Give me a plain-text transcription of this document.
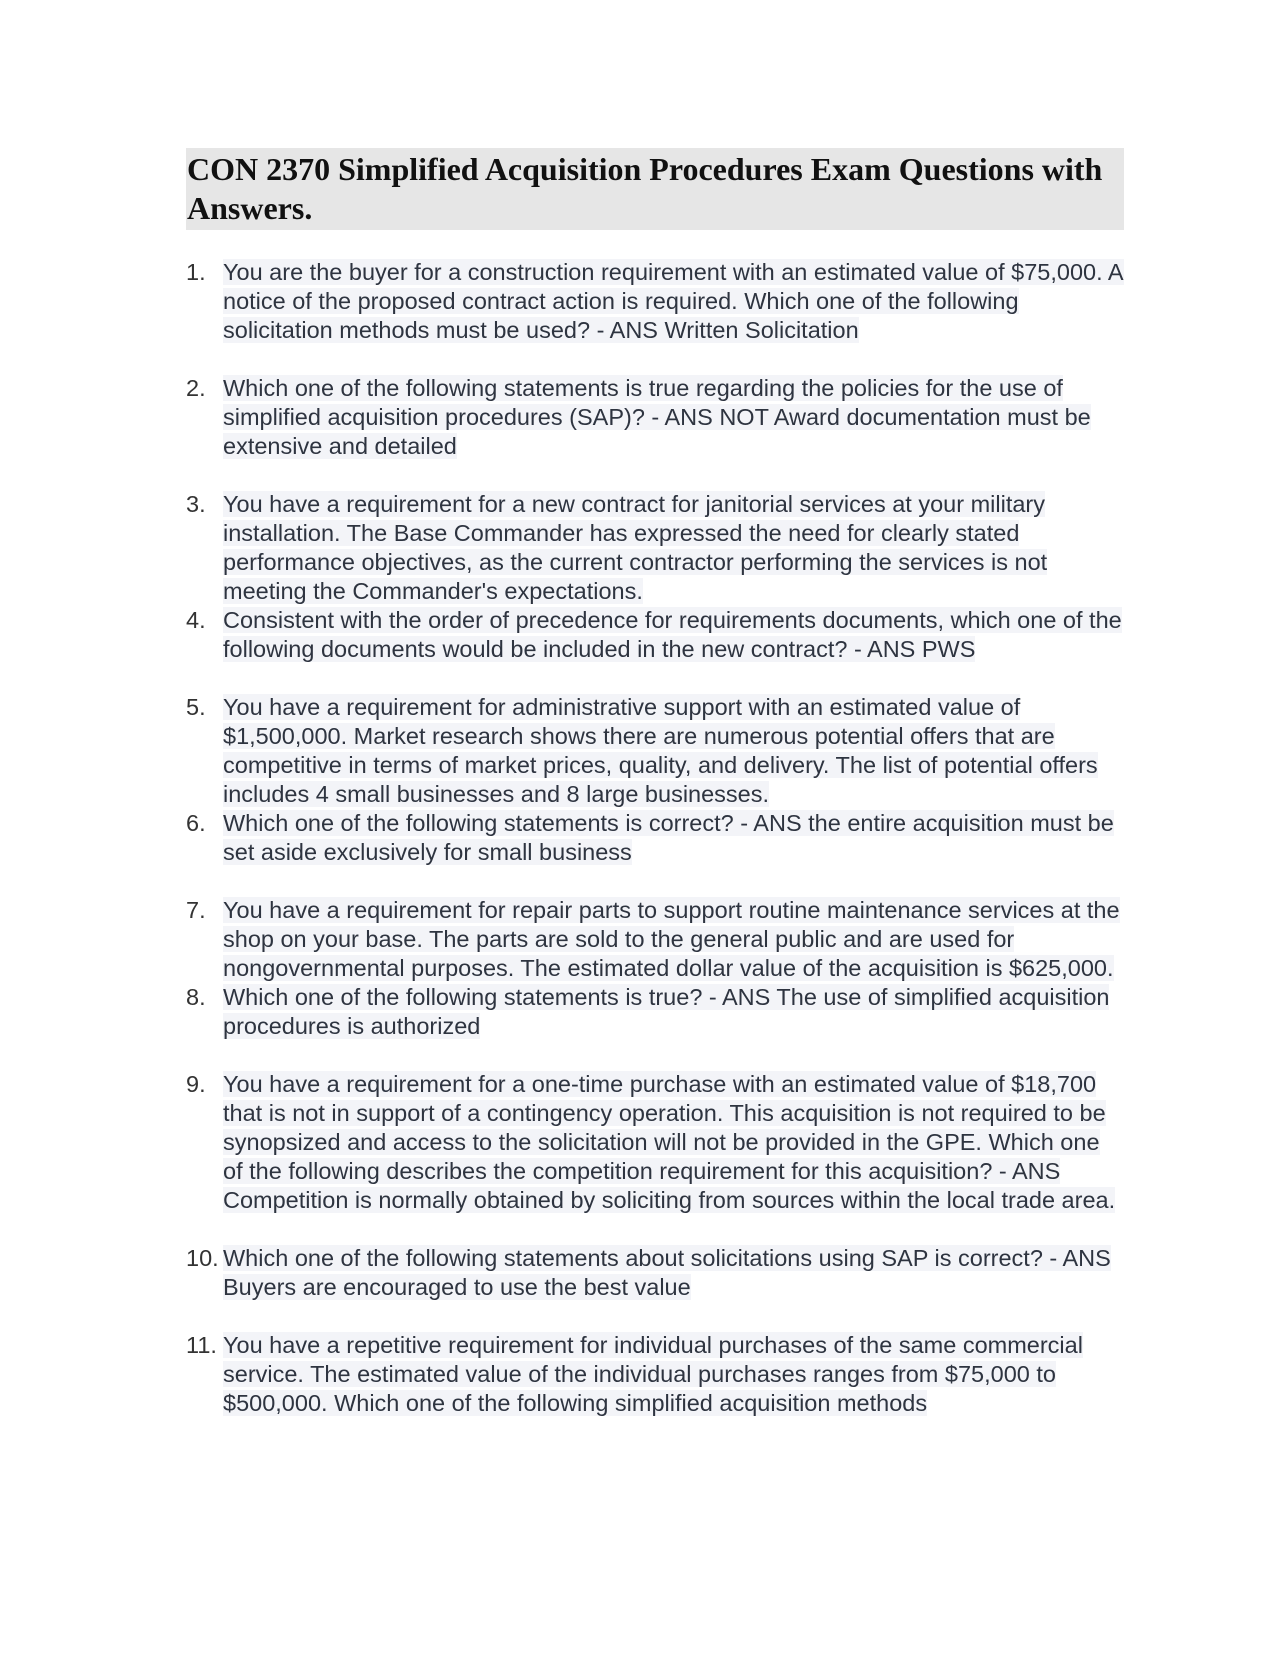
CON 2370 Simplified Acquisition Procedures Exam Questions with Answers.
1. You are the buyer for a construction requirement with an estimated value of $75,000. A notice of the proposed contract action is required. Which one of the following solicitation methods must be used? - ANS Written Solicitation
2. Which one of the following statements is true regarding the policies for the use of simplified acquisition procedures (SAP)? - ANS NOT Award documentation must be extensive and detailed
3. You have a requirement for a new contract for janitorial services at your military installation. The Base Commander has expressed the need for clearly stated performance objectives, as the current contractor performing the services is not meeting the Commander's expectations.
4. Consistent with the order of precedence for requirements documents, which one of the following documents would be included in the new contract? - ANS PWS
5. You have a requirement for administrative support with an estimated value of $1,500,000. Market research shows there are numerous potential offers that are competitive in terms of market prices, quality, and delivery. The list of potential offers includes 4 small businesses and 8 large businesses.
6. Which one of the following statements is correct? - ANS the entire acquisition must be set aside exclusively for small business
7. You have a requirement for repair parts to support routine maintenance services at the shop on your base. The parts are sold to the general public and are used for nongovernmental purposes. The estimated dollar value of the acquisition is $625,000.
8. Which one of the following statements is true? - ANS The use of simplified acquisition procedures is authorized
9. You have a requirement for a one-time purchase with an estimated value of $18,700 that is not in support of a contingency operation. This acquisition is not required to be synopsized and access to the solicitation will not be provided in the GPE. Which one of the following describes the competition requirement for this acquisition? - ANS Competition is normally obtained by soliciting from sources within the local trade area.
10. Which one of the following statements about solicitations using SAP is correct? - ANS Buyers are encouraged to use the best value
11. You have a repetitive requirement for individual purchases of the same commercial service. The estimated value of the individual purchases ranges from $75,000 to $500,000. Which one of the following simplified acquisition methods
